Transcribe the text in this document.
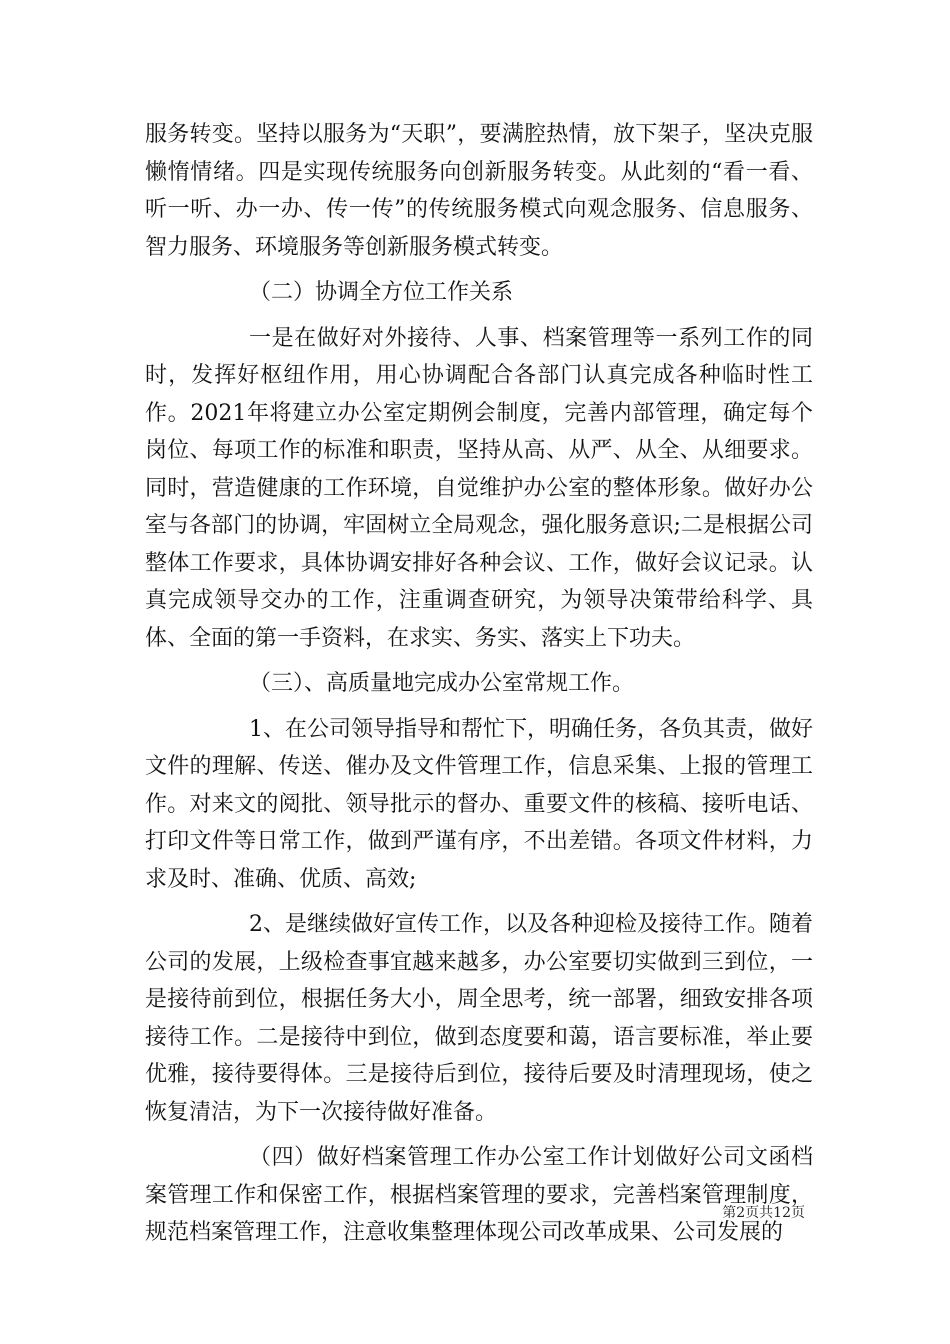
服务转变。坚持以服务为“天职”，要满腔热情，放下架子，坚决克服懒惰情绪。四是实现传统服务向创新服务转变。从此刻的“看一看、听一听、办一办、传一传”的传统服务模式向观念服务、信息服务、智力服务、环境服务等创新服务模式转变。

（二）协调全方位工作关系

一是在做好对外接待、人事、档案管理等一系列工作的同时，发挥好枢纽作用，用心协调配合各部门认真完成各种临时性工作。2021年将建立办公室定期例会制度，完善内部管理，确定每个岗位、每项工作的标准和职责，坚持从高、从严、从全、从细要求。同时，营造健康的工作环境，自觉维护办公室的整体形象。做好办公室与各部门的协调，牢固树立全局观念，强化服务意识;二是根据公司整体工作要求，具体协调安排好各种会议、工作，做好会议记录。认真完成领导交办的工作，注重调查研究，为领导决策带给科学、具体、全面的第一手资料，在求实、务实、落实上下功夫。

（三）、高质量地完成办公室常规工作。

1、在公司领导指导和帮忙下，明确任务，各负其责，做好文件的理解、传送、催办及文件管理工作，信息采集、上报的管理工作。对来文的阅批、领导批示的督办、重要文件的核稿、接听电话、打印文件等日常工作，做到严谨有序，不出差错。各项文件材料，力求及时、准确、优质、高效;

2、是继续做好宣传工作，以及各种迎检及接待工作。随着公司的发展，上级检查事宜越来越多，办公室要切实做到三到位，一是接待前到位，根据任务大小，周全思考，统一部署，细致安排各项接待工作。二是接待中到位，做到态度要和蔼，语言要标准，举止要优雅，接待要得体。三是接待后到位，接待后要及时清理现场，使之恢复清洁，为下一次接待做好准备。

（四）做好档案管理工作办公室工作计划做好公司文函档案管理工作和保密工作，根据档案管理的要求，完善档案管理制度，规范档案管理工作，注意收集整理体现公司改革成果、公司发展的

第2页共12页
